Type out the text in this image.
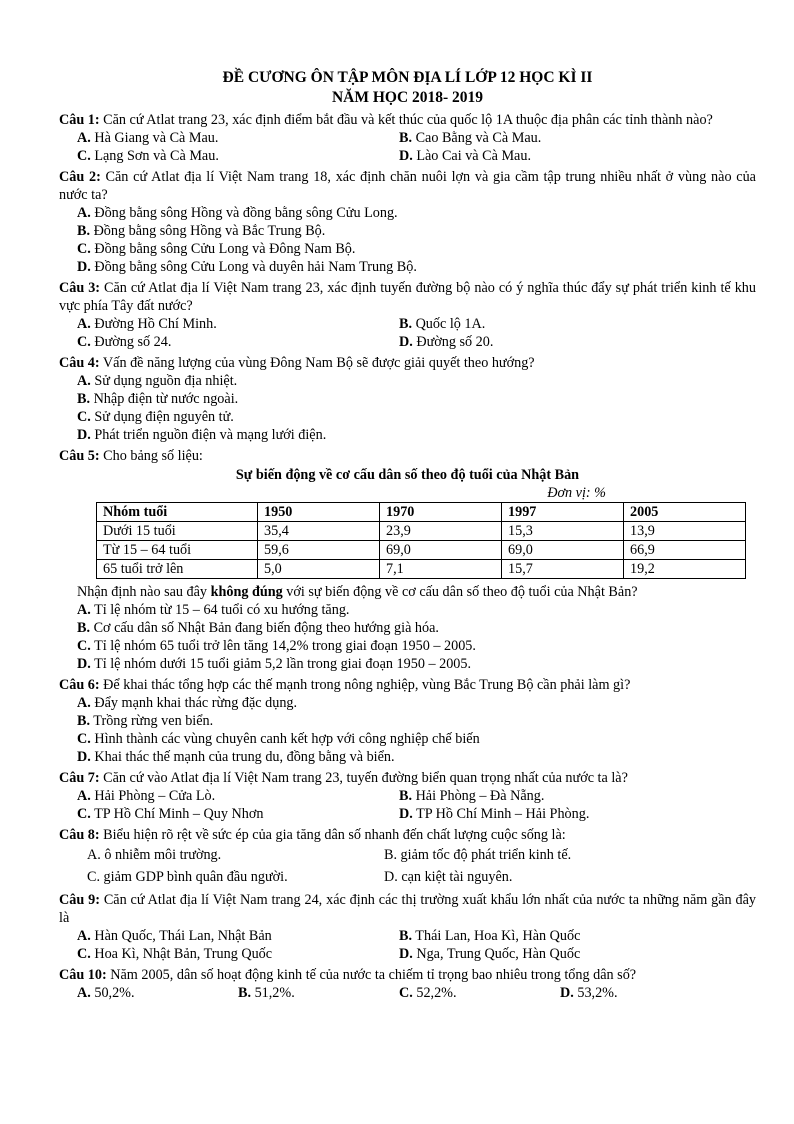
ĐỀ CƯƠNG ÔN TẬP MÔN ĐỊA LÍ LỚP 12 HỌC KÌ II
NĂM HỌC 2018- 2019
Câu 1: Căn cứ Atlat trang 23, xác định điểm bắt đầu và kết thúc của quốc lộ 1A thuộc địa phân các tỉnh thành nào?
A. Hà Giang và Cà Mau.	B. Cao Bằng và Cà Mau.
C. Lạng Sơn và Cà Mau.	D. Lào Cai và Cà Mau.
Câu 2: Căn cứ Atlat địa lí Việt Nam trang 18, xác định chăn nuôi lợn và gia cầm tập trung nhiều nhất ở vùng nào của nước ta?
A. Đồng bằng sông Hồng và đồng bằng sông Cửu Long.
B. Đồng bằng sông Hồng và Bắc Trung Bộ.
C. Đồng bằng sông Cửu Long và Đông Nam Bộ.
D. Đồng bằng sông Cửu Long và duyên hải Nam Trung Bộ.
Câu 3: Căn cứ Atlat địa lí Việt Nam trang 23, xác định tuyến đường bộ nào có ý nghĩa thúc đẩy sự phát triển kinh tế khu vực phía Tây đất nước?
A. Đường Hồ Chí Minh.	B. Quốc lộ 1A.
C. Đường số 24.	D. Đường số 20.
Câu 4: Vấn đề năng lượng của vùng Đông Nam Bộ sẽ được giải quyết theo hướng?
A. Sử dụng nguồn địa nhiệt.
B. Nhập điện từ nước ngoài.
C. Sử dụng điện nguyên tử.
D. Phát triển nguồn điện và mạng lưới điện.
Câu 5: Cho bảng số liệu:
Sự biến động về cơ cấu dân số theo độ tuổi của Nhật Bản
Đơn vị: %
Nhóm tuổi	1950	1970	1997	2005
Dưới 15 tuổi	35,4	23,9	15,3	13,9
Từ 15 – 64 tuổi	59,6	69,0	69,0	66,9
65 tuổi trở lên	5,0	7,1	15,7	19,2
Nhận định nào sau đây không đúng với sự biến động về cơ cấu dân số theo độ tuổi của Nhật Bản?
A. Tỉ lệ nhóm từ 15 – 64 tuổi có xu hướng tăng.
B. Cơ cấu dân số Nhật Bản đang biến động theo hướng già hóa.
C. Tỉ lệ nhóm 65 tuổi trở lên tăng 14,2% trong giai đoạn 1950 – 2005.
D. Tỉ lệ nhóm dưới 15 tuổi giảm 5,2 lần trong giai đoạn 1950 – 2005.
Câu 6: Để khai thác tổng hợp các thế mạnh trong nông nghiệp, vùng Bắc Trung Bộ cần phải làm gì?
A. Đẩy mạnh khai thác rừng đặc dụng.
B. Trồng rừng ven biển.
C. Hình thành các vùng chuyên canh kết hợp với công nghiệp chế biến
D. Khai thác thế mạnh của trung du, đồng bằng và biển.
Câu 7: Căn cứ vào Atlat địa lí Việt Nam trang 23, tuyến đường biển quan trọng nhất của nước ta là?
A. Hải Phòng – Cửa Lò.	B. Hải Phòng – Đà Nẵng.
C. TP Hồ Chí Minh – Quy Nhơn	D. TP Hồ Chí Minh – Hải Phòng.
Câu 8: Biểu hiện rõ rệt về sức ép của gia tăng dân số nhanh đến chất lượng cuộc sống là:
A. ô nhiễm môi trường.	B. giảm tốc độ phát triển kinh tế.
C. giảm GDP bình quân đầu người.	D. cạn kiệt tài nguyên.
Câu 9: Căn cứ Atlat địa lí Việt Nam trang 24, xác định các thị trường xuất khẩu lớn nhất của nước ta những năm gần đây là
A. Hàn Quốc, Thái Lan, Nhật Bản	B. Thái Lan, Hoa Kì, Hàn Quốc
C. Hoa Kì, Nhật Bản, Trung Quốc	D. Nga, Trung Quốc, Hàn Quốc
Câu 10: Năm 2005, dân số hoạt động kinh tế của nước ta chiếm tỉ trọng bao nhiêu trong tổng dân số?
A. 50,2%.	B. 51,2%.	C. 52,2%.	D. 53,2%.
